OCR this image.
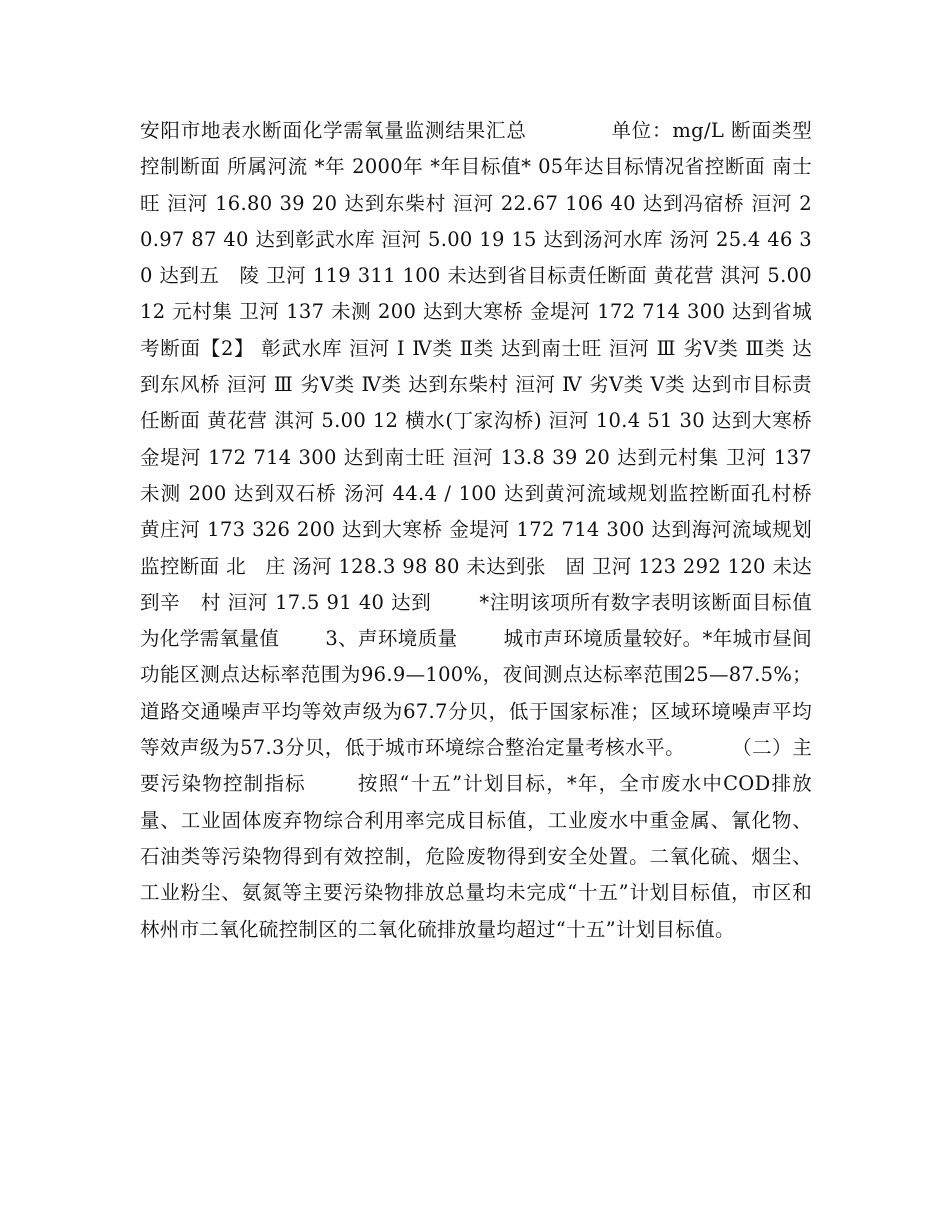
安阳市地表水断面化学需氧量监测结果汇总            单位：mg/L 断面类型 控制断面 所属河流 *年 2000年 *年目标值* 05年达目标情况省控断面 南士旺 洹河 16.80 39 20 达到东柴村 洹河 22.67 106 40 达到冯宿桥 洹河 20.97 87 40 达到彰武水库 洹河 5.00 19 15 达到汤河水库 汤河 25.4 46 30 达到五   陵 卫河 119 311 100 未达到省目标责任断面 黄花营 淇河 5.00 12 元村集 卫河 137 未测 200 达到大寒桥 金堤河 172 714 300 达到省城考断面【2】 彰武水库 洹河 Ⅰ Ⅳ类 Ⅱ类 达到南士旺 洹河 Ⅲ 劣Ⅴ类 Ⅲ类 达到东风桥 洹河 Ⅲ 劣Ⅴ类 Ⅳ类 达到东柴村 洹河 Ⅳ 劣Ⅴ类 Ⅴ类 达到市目标责任断面 黄花营 淇河 5.00 12 横水(丁家沟桥) 洹河 10.4 51 30 达到大寒桥 金堤河 172 714 300 达到南士旺 洹河 13.8 39 20 达到元村集 卫河 137 未测 200 达到双石桥 汤河 44.4 / 100 达到黄河流域规划监控断面孔村桥 黄庄河 173 326 200 达到大寒桥 金堤河 172 714 300 达到海河流域规划监控断面 北   庄 汤河 128.3 98 80 未达到张   固 卫河 123 292 120 未达到辛   村 洹河 17.5 91 40 达到       *注明该项所有数字表明该断面目标值为化学需氧量值       3、声环境质量       城市声环境质量较好。*年城市昼间功能区测点达标率范围为96.9—100%，夜间测点达标率范围25—87.5%；道路交通噪声平均等效声级为67.7分贝，低于国家标准；区域环境噪声平均等效声级为57.3分贝，低于城市环境综合整治定量考核水平。       （二）主要污染物控制指标       按照“十五”计划目标，*年，全市废水中COD排放量、工业固体废弃物综合利用率完成目标值，工业废水中重金属、氰化物、石油类等污染物得到有效控制，危险废物得到安全处置。二氧化硫、烟尘、工业粉尘、氨氮等主要污染物排放总量均未完成“十五”计划目标值，市区和林州市二氧化硫控制区的二氧化硫排放量均超过“十五”计划目标值。
